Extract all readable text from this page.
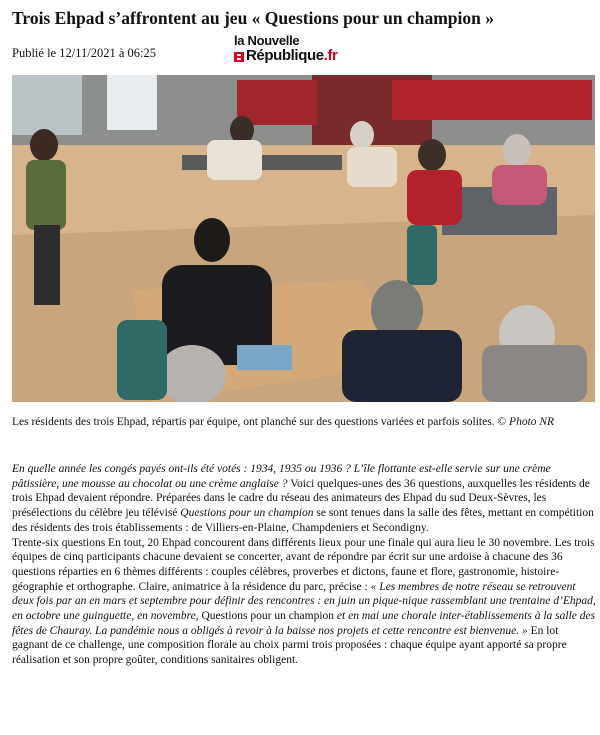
Trois Ehpad s’affrontent au jeu « Questions pour un champion »
Publié le 12/11/2021 à 06:25
la Nouvelle
République.fr
Les résidents des trois Ehpad, répartis par équipe, ont planché sur des questions variées et parfois solites. © Photo NR

En quelle année les congés payés ont-ils été votés : 1934, 1935 ou 1936 ? L’île flottante est-elle servie sur une crème pâtissière, une mousse au chocolat ou une crème anglaise ? Voici quelques-unes des 36 questions, auxquelles les résidents de trois Ehpad devaient répondre. Préparées dans le cadre du réseau des animateurs des Ehpad du sud Deux-Sèvres, les présélections du célèbre jeu télévisé Questions pour un champion se sont tenues dans la salle des fêtes, mettant en compétition des résidents des trois établissements : de Villiers-en-Plaine, Champdeniers et Secondigny.

Trente-six questions En tout, 20 Ehpad concourent dans différents lieux pour une finale qui aura lieu le 30 novembre. Les trois équipes de cinq participants chacune devaient se concerter, avant de répondre par écrit sur une ardoise à chacune des 36 questions réparties en 6 thèmes différents : couples célèbres, proverbes et dictons, faune et flore, gastronomie, histoire- géographie et orthographe. Claire, animatrice à la résidence du parc, précise : « Les membres de notre réseau se retrouvent deux fois par an en mars et septembre pour définir des rencontres : en juin un pique-nique rassemblant une trentaine d’Ehpad, en octobre une guinguette, en novembre, Questions pour un champion et en mai une chorale inter-établissements à la salle des fêtes de Chauray. La pandémie nous a obligés à revoir à la baisse nos projets et cette rencontre est bienvenue. » En lot gagnant de ce challenge, une composition florale au choix parmi trois proposées : chaque équipe ayant apporté sa propre réalisation et son propre goûter, conditions sanitaires obligent.
